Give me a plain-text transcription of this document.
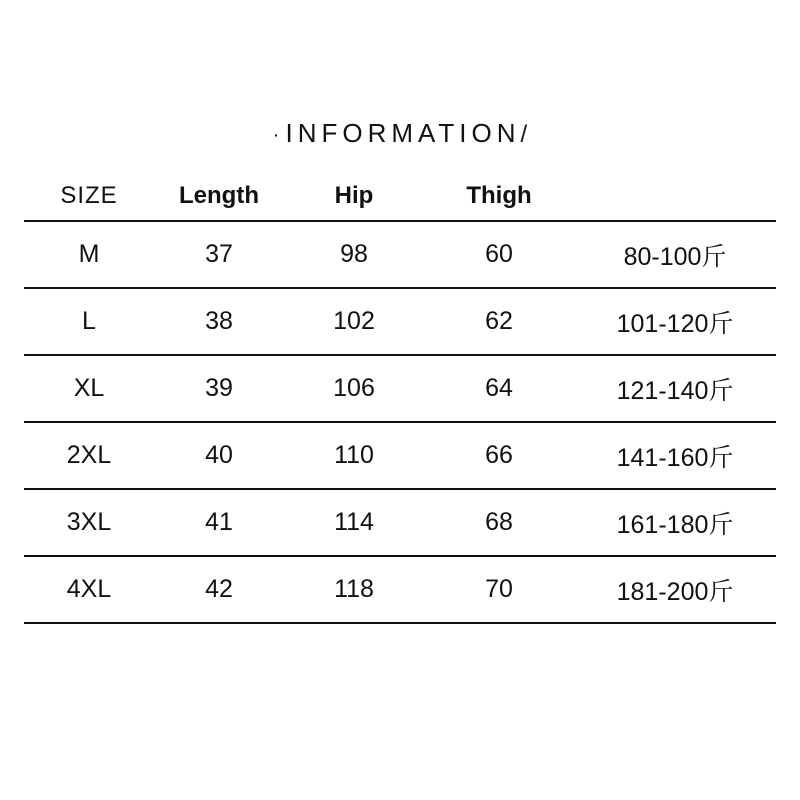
· INFORMATION/
SIZE	Length	Hip	Thigh
M	37	98	60	80-100斤
L	38	102	62	101-120斤
XL	39	106	64	121-140斤
2XL	40	110	66	141-160斤
3XL	41	114	68	161-180斤
4XL	42	118	70	181-200斤
